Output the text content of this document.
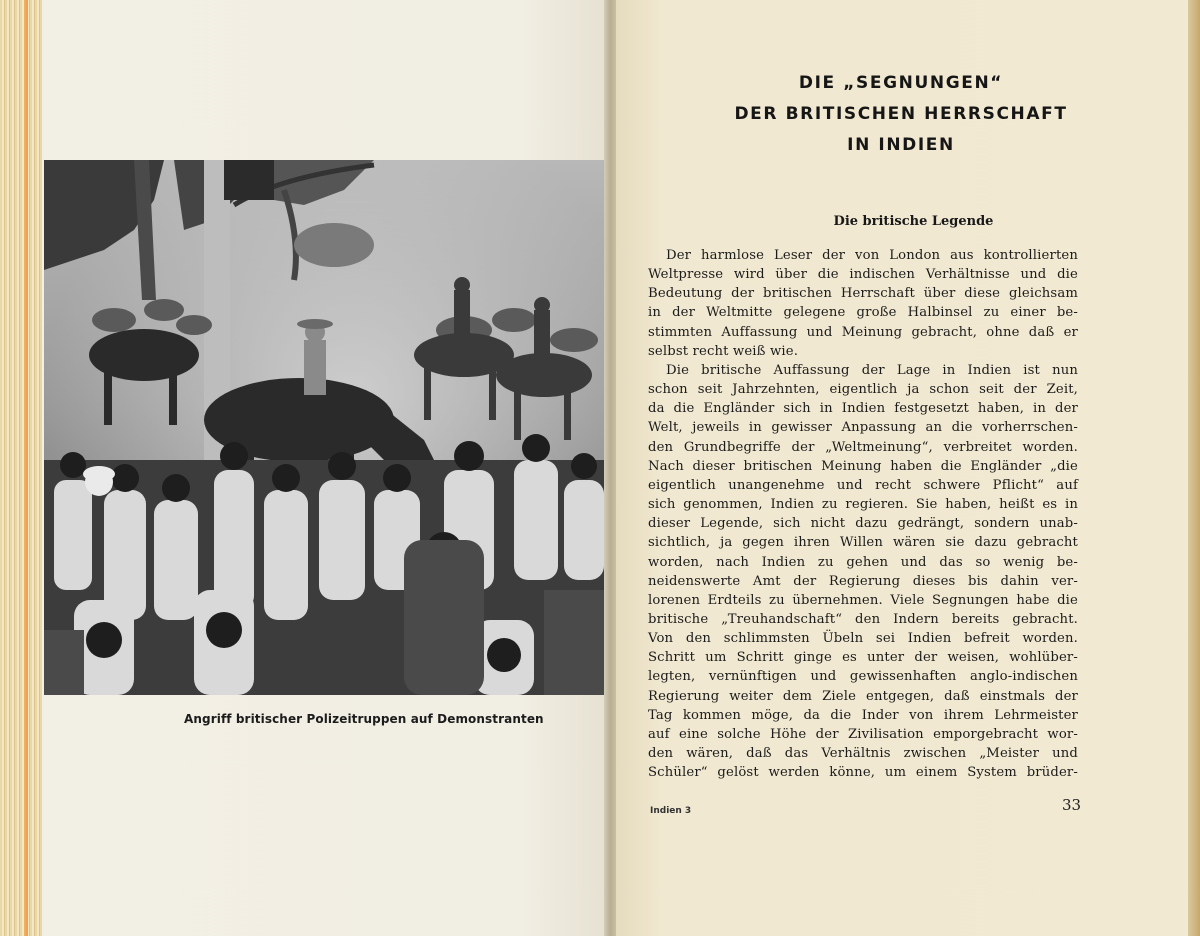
Angriff britischer Polizeitruppen auf Demonstranten
DIE „SEGNUNGEN“
DER BRITISCHEN HERRSCHAFT
IN INDIEN
Die britische Legende
Der harmlose Leser der von London aus kontrollierten
Weltpresse wird über die indischen Verhältnisse und die
Bedeutung der britischen Herrschaft über diese gleichsam
in der Weltmitte gelegene große Halbinsel zu einer be-
stimmten Auffassung und Meinung gebracht, ohne daß er
selbst recht weiß wie.
Die britische Auffassung der Lage in Indien ist nun
schon seit Jahrzehnten, eigentlich ja schon seit der Zeit,
da die Engländer sich in Indien festgesetzt haben, in der
Welt, jeweils in gewisser Anpassung an die vorherrschen-
den Grundbegriffe der „Weltmeinung“, verbreitet worden.
Nach dieser britischen Meinung haben die Engländer „die
eigentlich unangenehme und recht schwere Pflicht“ auf
sich genommen, Indien zu regieren. Sie haben, heißt es in
dieser Legende, sich nicht dazu gedrängt, sondern unab-
sichtlich, ja gegen ihren Willen wären sie dazu gebracht
worden, nach Indien zu gehen und das so wenig be-
neidenswerte Amt der Regierung dieses bis dahin ver-
lorenen Erdteils zu übernehmen. Viele Segnungen habe die
britische „Treuhandschaft“ den Indern bereits gebracht.
Von den schlimmsten Übeln sei Indien befreit worden.
Schritt um Schritt ginge es unter der weisen, wohlüber-
legten, vernünftigen und gewissenhaften anglo-indischen
Regierung weiter dem Ziele entgegen, daß einstmals der
Tag kommen möge, da die Inder von ihrem Lehrmeister
auf eine solche Höhe der Zivilisation emporgebracht wor-
den wären, daß das Verhältnis zwischen „Meister und
Schüler“ gelöst werden könne, um einem System brüder-
Indien 3	33
